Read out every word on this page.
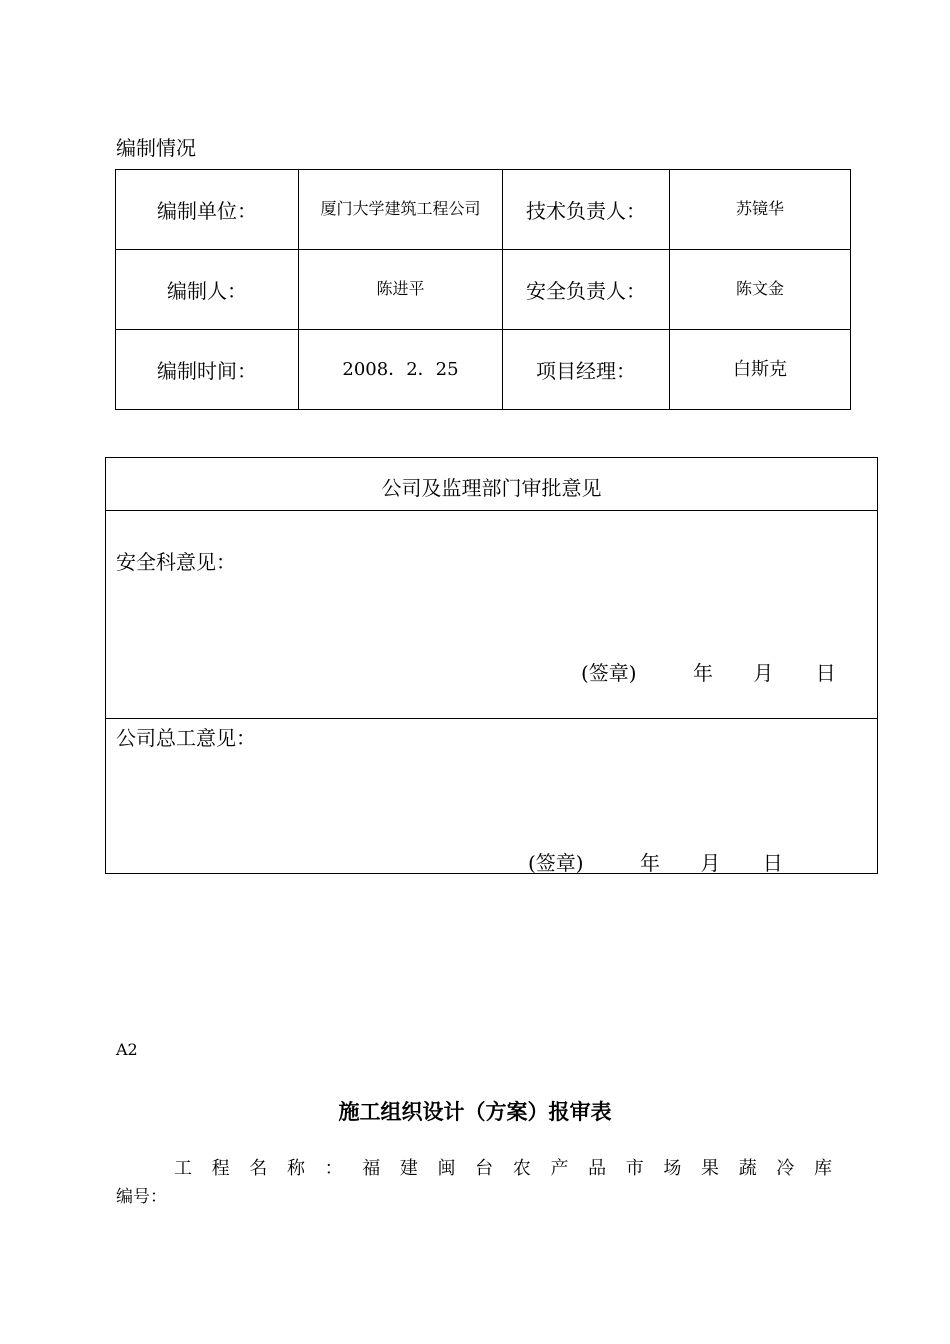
编制情况
编制单位：	厦门大学建筑工程公司	技术负责人：	苏镜华
编制人：	陈进平	安全负责人：	陈文金
编制时间：	2008．2．25	项目经理：	白斯克
公司及监理部门审批意见
安全科意见：
(签章)	年 月 日
公司总工意见：
(签章)	年 月 日
A2
施工组织设计（方案）报审表
工程名称：福建闽台农产品市场果蔬冷库
编号：
